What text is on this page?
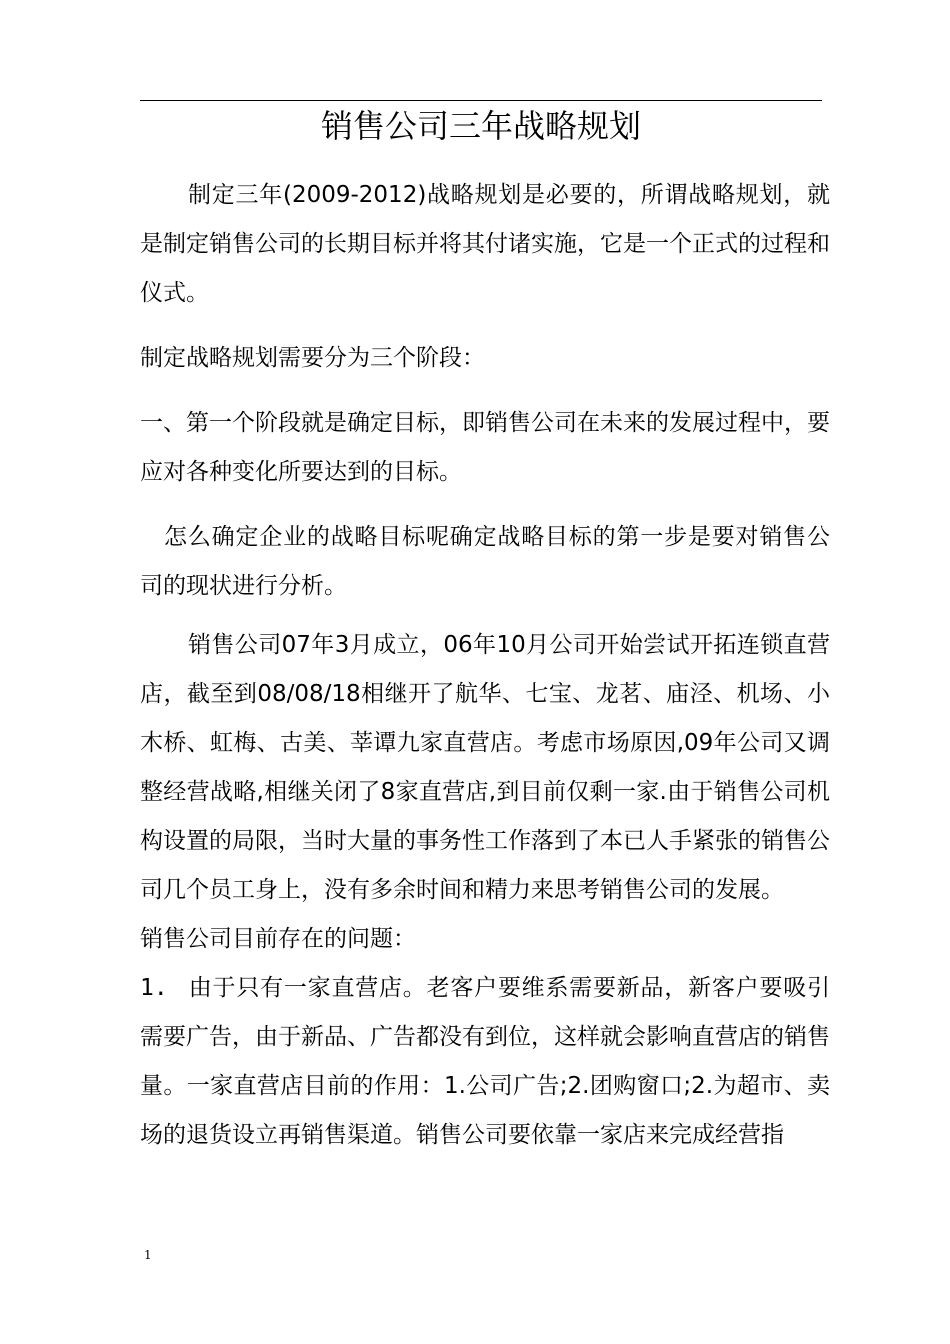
销售公司三年战略规划

制定三年(2009-2012)战略规划是必要的，所谓战略规划，就是制定销售公司的长期目标并将其付诸实施，它是一个正式的过程和仪式。

制定战略规划需要分为三个阶段：

一、第一个阶段就是确定目标，即销售公司在未来的发展过程中，要应对各种变化所要达到的目标。

怎么确定企业的战略目标呢确定战略目标的第一步是要对销售公司的现状进行分析。

销售公司07年3月成立，06年10月公司开始尝试开拓连锁直营店，截至到08/08/18相继开了航华、七宝、龙茗、庙泾、机场、小木桥、虹梅、古美、莘谭九家直营店。考虑市场原因,09年公司又调整经营战略,相继关闭了8家直营店,到目前仅剩一家.由于销售公司机构设置的局限，当时大量的事务性工作落到了本已人手紧张的销售公司几个员工身上，没有多余时间和精力来思考销售公司的发展。

销售公司目前存在的问题：

1. 由于只有一家直营店。老客户要维系需要新品，新客户要吸引需要广告，由于新品、广告都没有到位，这样就会影响直营店的销售量。一家直营店目前的作用：1.公司广告;2.团购窗口;2.为超市、卖场的退货设立再销售渠道。销售公司要依靠一家店来完成经营指

1
